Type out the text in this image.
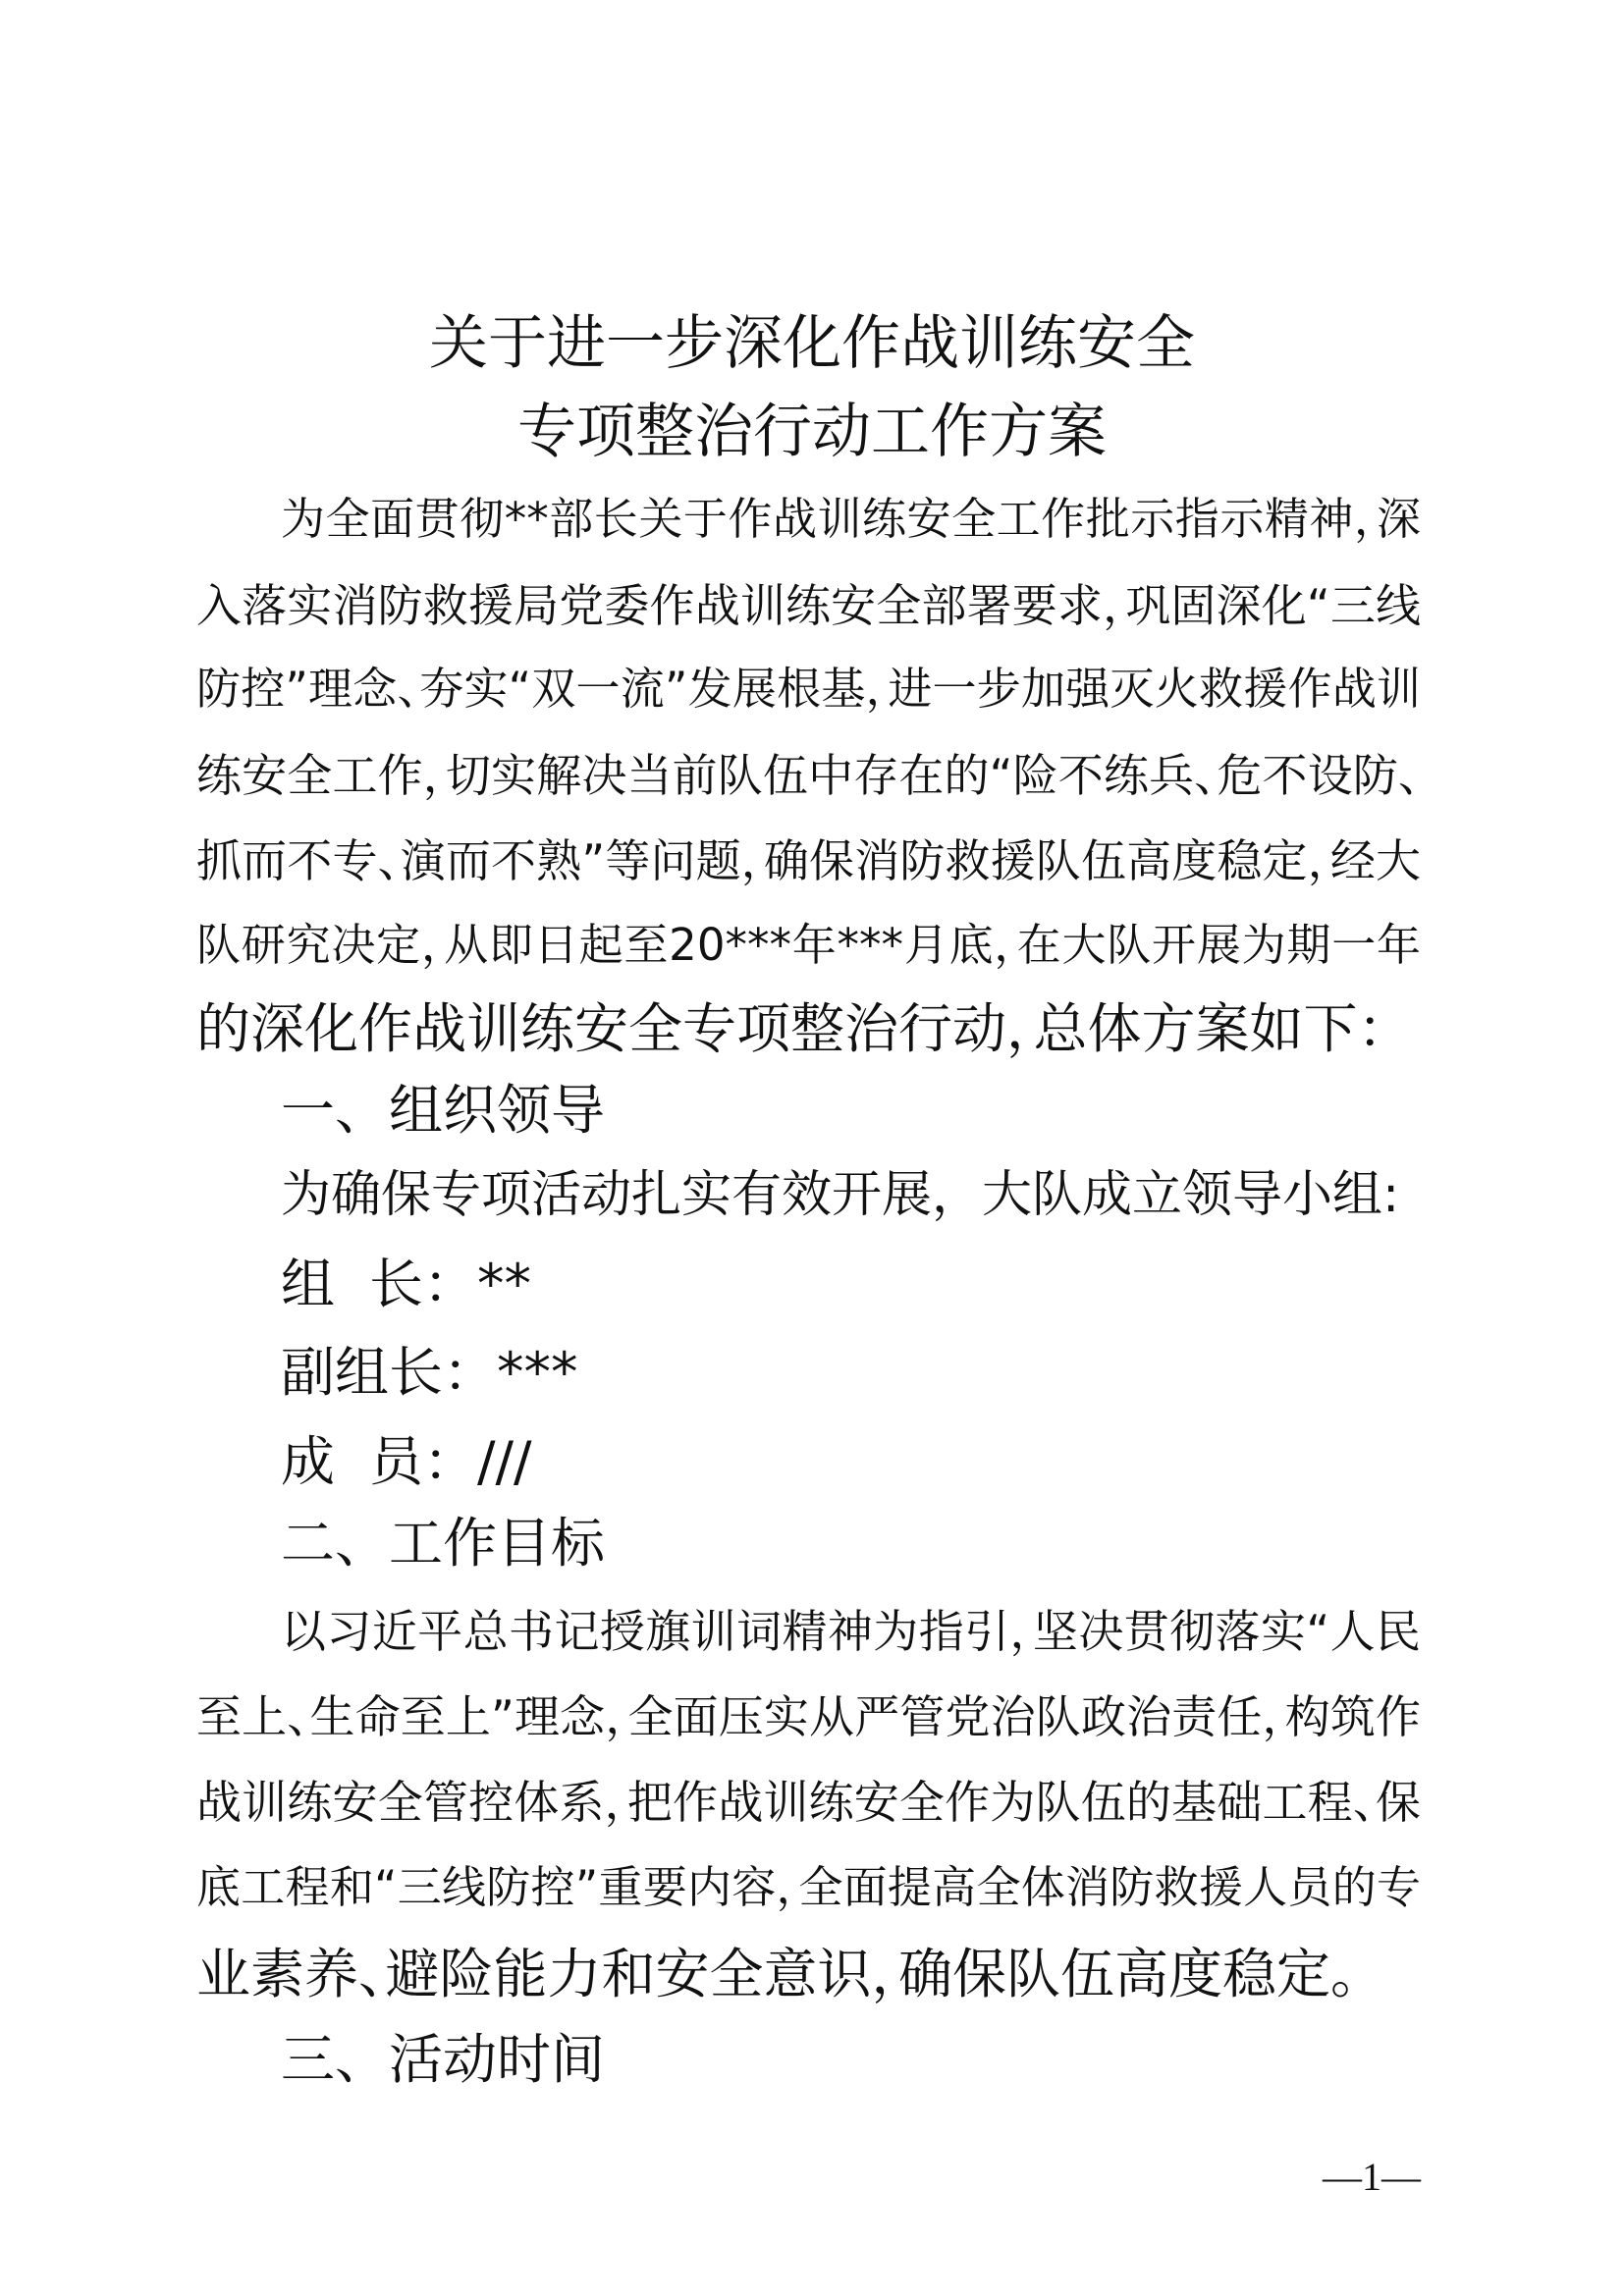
关于进一步深化作战训练安全
专项整治行动工作方案
为全面贯彻**部长关于作战训练安全工作批示指示精神，深
入落实消防救援局党委作战训练安全部署要求，巩固深化“三线
防控”理念、夯实“双一流”发展根基，进一步加强灭火救援作战训
练安全工作，切实解决当前队伍中存在的“险不练兵、危不设防、
抓而不专、演而不熟”等问题，确保消防救援队伍高度稳定，经大
队研究决定，从即日起至20***年***月底，在大队开展为期一年
的深化作战训练安全专项整治行动，总体方案如下：
一、组织领导
为确保专项活动扎实有效开展，大队成立领导小组:
组  长：**
副组长：***
成  员：///
二、工作目标
以习近平总书记授旗训词精神为指引，坚决贯彻落实“人民
至上、生命至上”理念，全面压实从严管党治队政治责任，构筑作
战训练安全管控体系，把作战训练安全作为队伍的基础工程、保
底工程和“三线防控”重要内容，全面提高全体消防救援人员的专
业素养、避险能力和安全意识，确保队伍高度稳定。
三、活动时间
—1—
